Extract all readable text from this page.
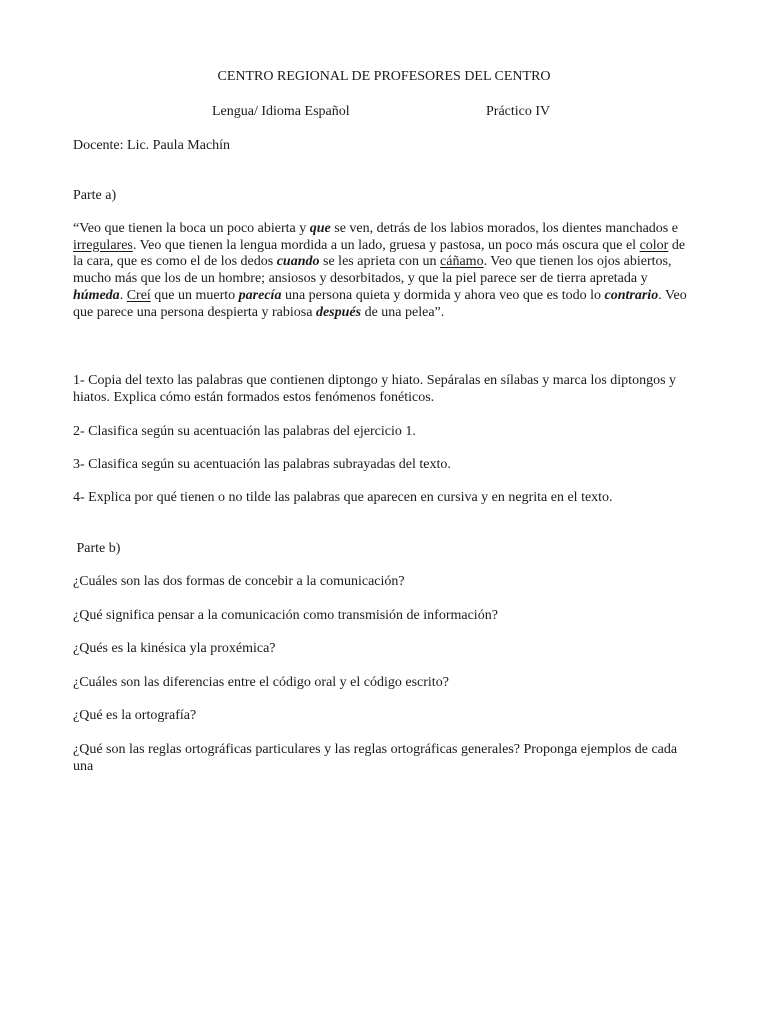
CENTRO REGIONAL DE PROFESORES DEL CENTRO
Lengua/ Idioma Español	Práctico IV
Docente: Lic. Paula Machín
Parte a)

“Veo que tienen la boca un poco abierta y que se ven, detrás de los labios morados, los dientes manchados e irregulares. Veo que tienen la lengua mordida a un lado, gruesa y pastosa, un poco más oscura que el color de la cara, que es como el de los dedos cuando se les aprieta con un cáñamo. Veo que tienen los ojos abiertos, mucho más que los de un hombre; ansiosos y desorbitados, y que la piel parece ser de tierra apretada y húmeda. Creí que un muerto parecía una persona quieta y dormida y ahora veo que es todo lo contrario. Veo que parece una persona despierta y rabiosa después de una pelea”.

1- Copia del texto las palabras que contienen diptongo y hiato. Sepáralas en sílabas y marca los diptongos y hiatos. Explica cómo están formados estos fenómenos fonéticos.

2- Clasifica según su acentuación las palabras del ejercicio 1.
3- Clasifica según su acentuación las palabras subrayadas del texto.
4- Explica por qué tienen o no tilde las palabras que aparecen en cursiva y en negrita en el texto.
Parte b)
¿Cuáles son las dos formas de concebir a la comunicación?
¿Qué significa pensar a la comunicación como transmisión de información?
¿Qués es la kinésica yla proxémica?
¿Cuáles son las diferencias entre el código oral y el código escrito?
¿Qué es la ortografía?

¿Qué son las reglas ortográficas particulares y las reglas ortográficas generales? Proponga ejemplos de cada una
